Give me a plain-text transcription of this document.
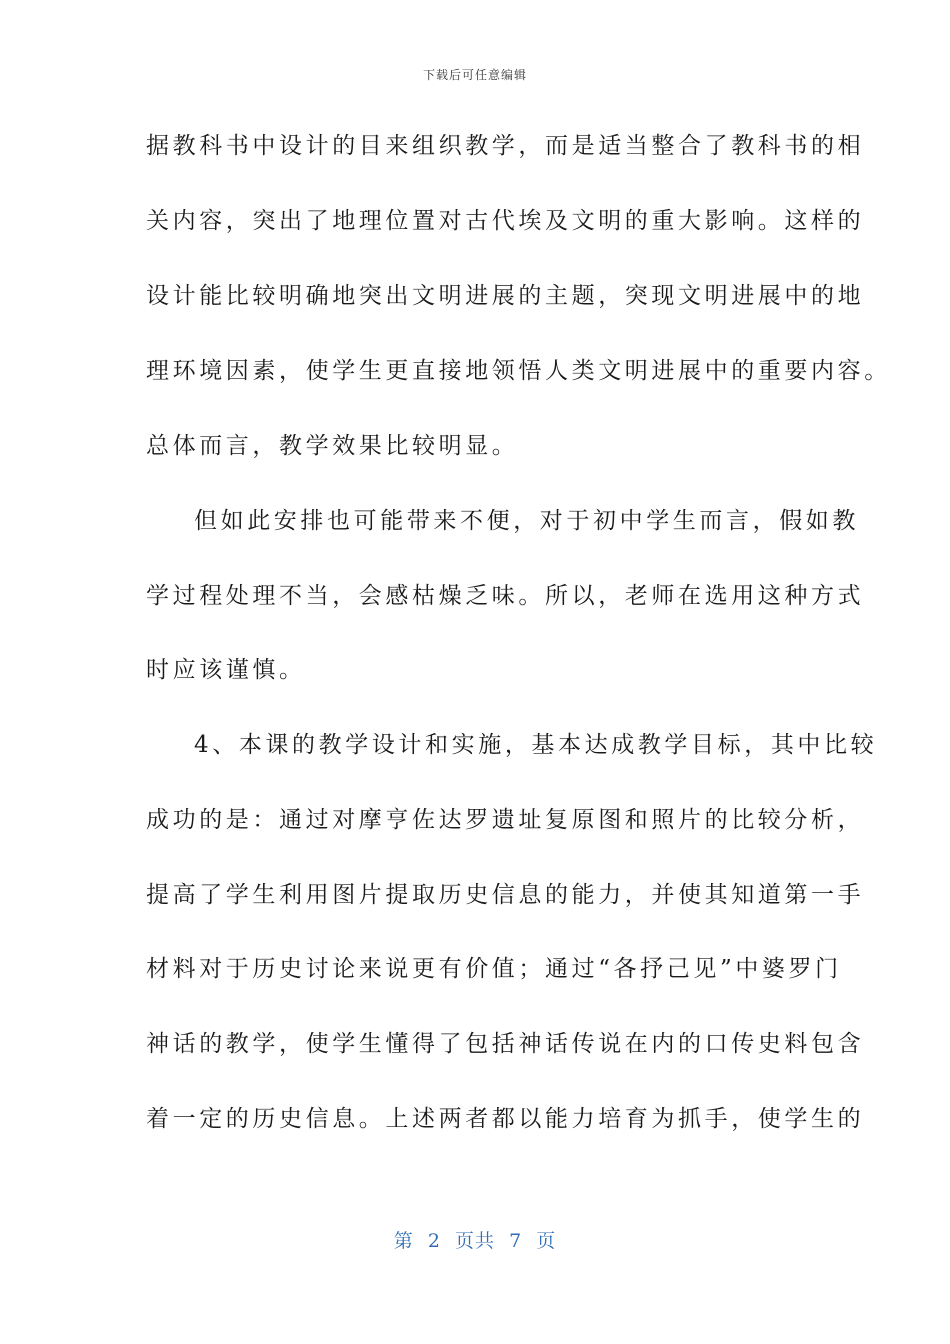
下载后可任意编辑
据教科书中设计的目来组织教学，而是适当整合了教科书的相
关内容，突出了地理位置对古代埃及文明的重大影响。这样的
设计能比较明确地突出文明进展的主题，突现文明进展中的地
理环境因素，使学生更直接地领悟人类文明进展中的重要内容。
总体而言，教学效果比较明显。
但如此安排也可能带来不便，对于初中学生而言，假如教
学过程处理不当，会感枯燥乏味。所以，老师在选用这种方式
时应该谨慎。
4、本课的教学设计和实施，基本达成教学目标，其中比较
成功的是：通过对摩亨佐达罗遗址复原图和照片的比较分析，
提高了学生利用图片提取历史信息的能力，并使其知道第一手
材料对于历史讨论来说更有价值；通过“各抒己见”中婆罗门
神话的教学，使学生懂得了包括神话传说在内的口传史料包含
着一定的历史信息。上述两者都以能力培育为抓手，使学生的
第  2  页共  7  页
